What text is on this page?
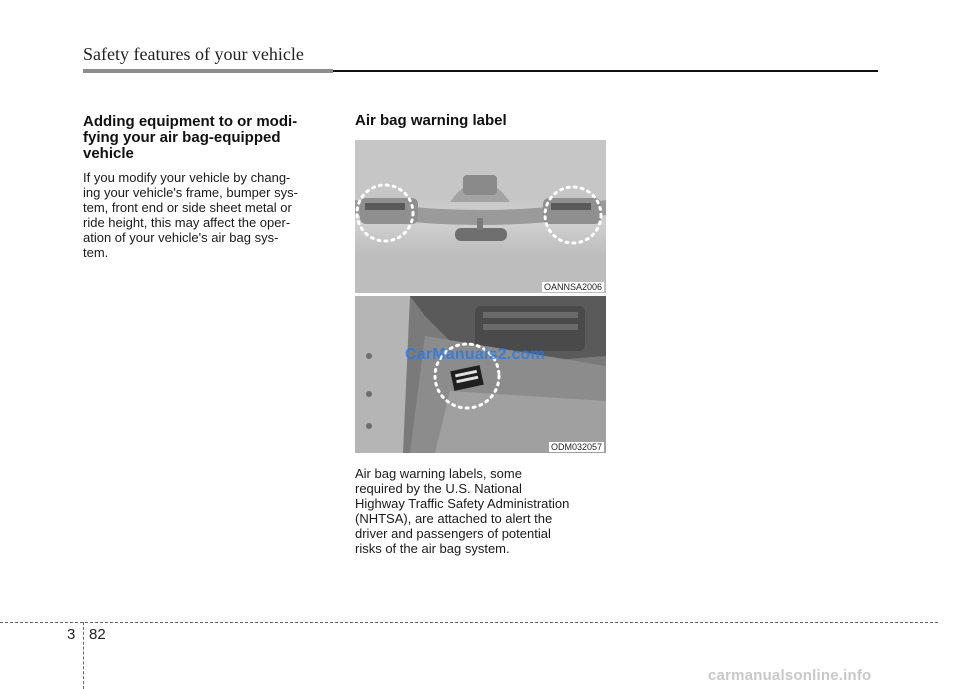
Safety features of your vehicle
Adding equipment to or modi-
fying your air bag-equipped
vehicle
If you modify your vehicle by chang-
ing your vehicle's frame, bumper sys-
tem, front end or side sheet metal or
ride height, this may affect the oper-
ation of your vehicle's air bag sys-
tem.
Air bag warning label
OANNSA2006
ODM032057
CarManuals2.com
Air bag warning labels, some
required by the U.S. National
Highway Traffic Safety Administration
(NHTSA), are attached to alert the
driver and passengers of potential
risks of the air bag system.
3 82
carmanualsonline.info
